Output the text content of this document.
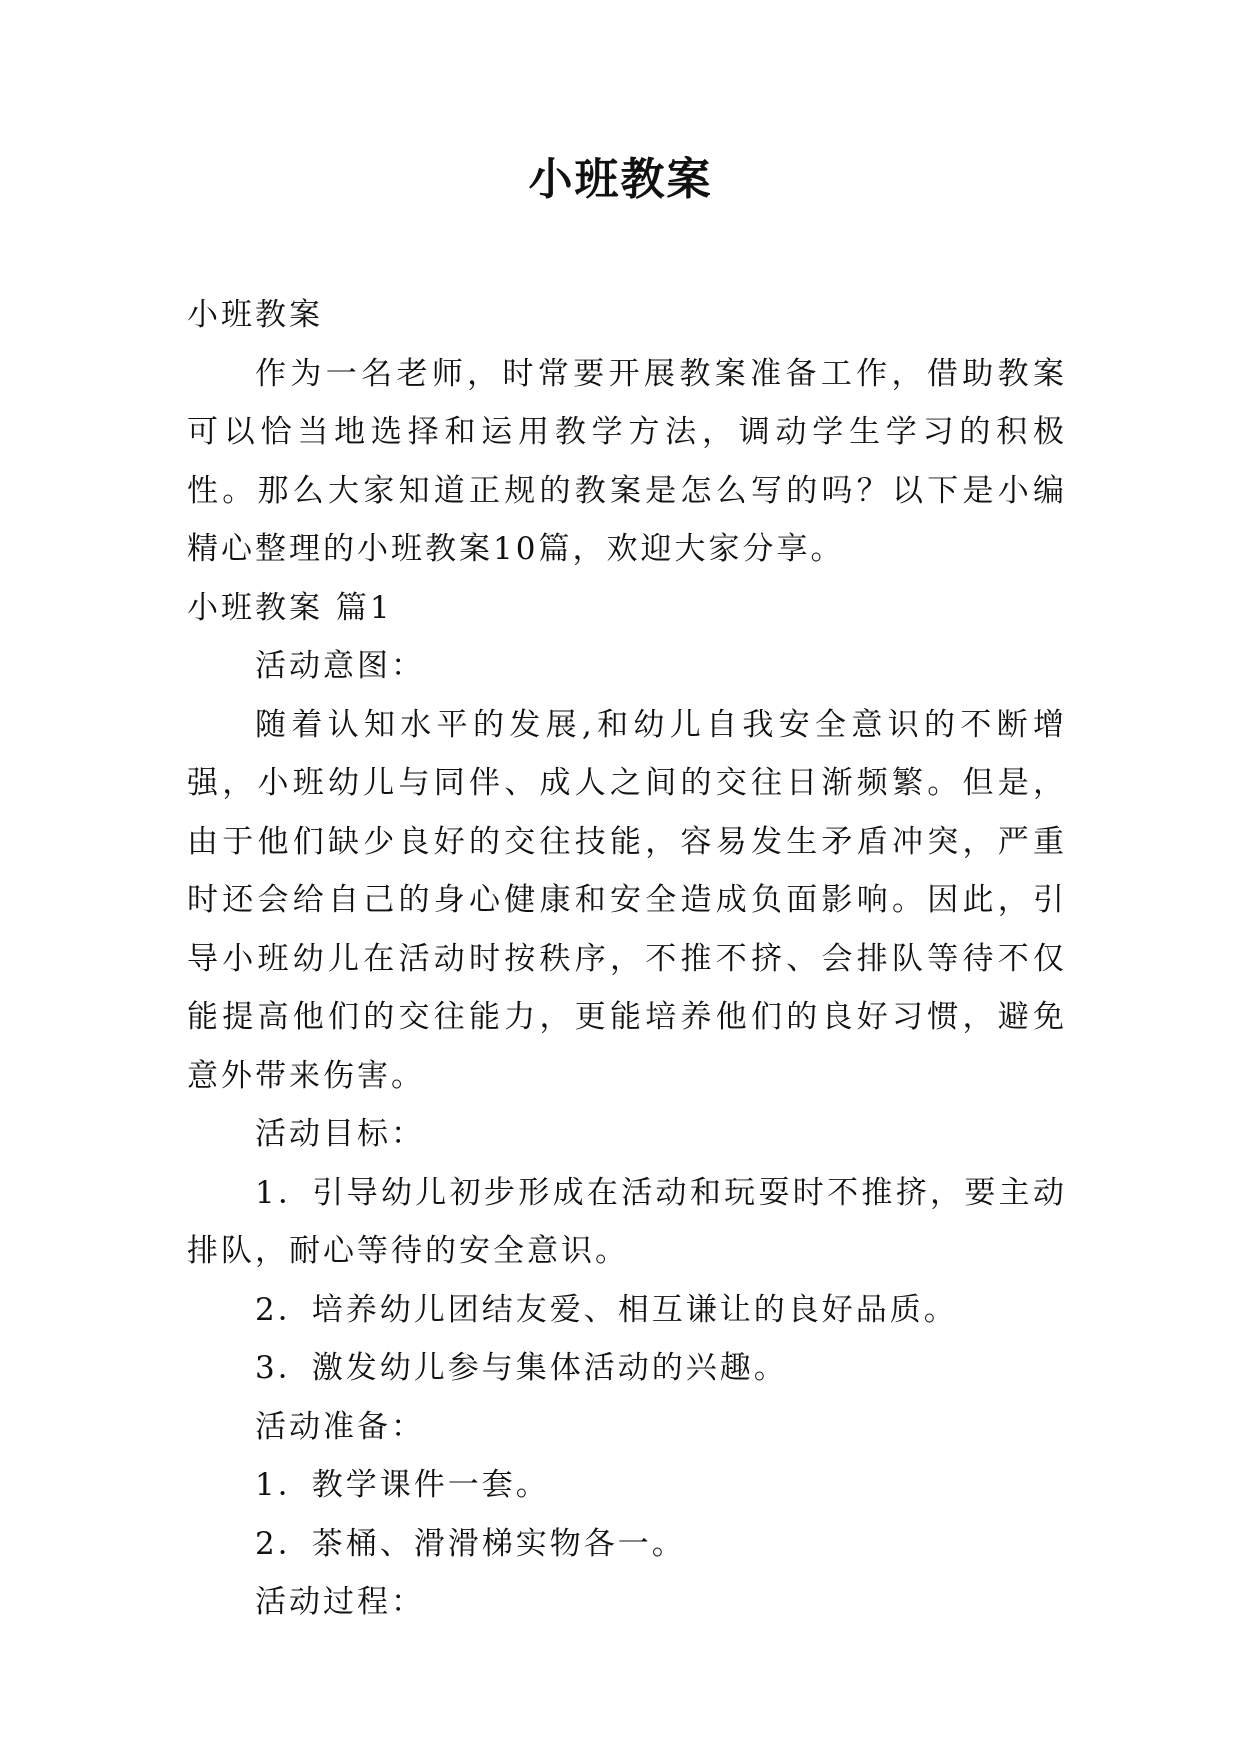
小班教案

小班教案

作为一名老师，时常要开展教案准备工作，借助教案可以恰当地选择和运用教学方法，调动学生学习的积极性。那么大家知道正规的教案是怎么写的吗？以下是小编精心整理的小班教案10篇，欢迎大家分享。

小班教案 篇1

活动意图：

随着认知水平的发展,和幼儿自我安全意识的不断增强，小班幼儿与同伴、成人之间的交往日渐频繁。但是，由于他们缺少良好的交往技能，容易发生矛盾冲突，严重时还会给自己的身心健康和安全造成负面影响。因此，引导小班幼儿在活动时按秩序，不推不挤、会排队等待不仅能提高他们的交往能力，更能培养他们的良好习惯，避免意外带来伤害。

活动目标：

1．引导幼儿初步形成在活动和玩耍时不推挤，要主动排队，耐心等待的安全意识。

2．培养幼儿团结友爱、相互谦让的良好品质。

3．激发幼儿参与集体活动的兴趣。

活动准备：

1．教学课件一套。

2．茶桶、滑滑梯实物各一。

活动过程：
